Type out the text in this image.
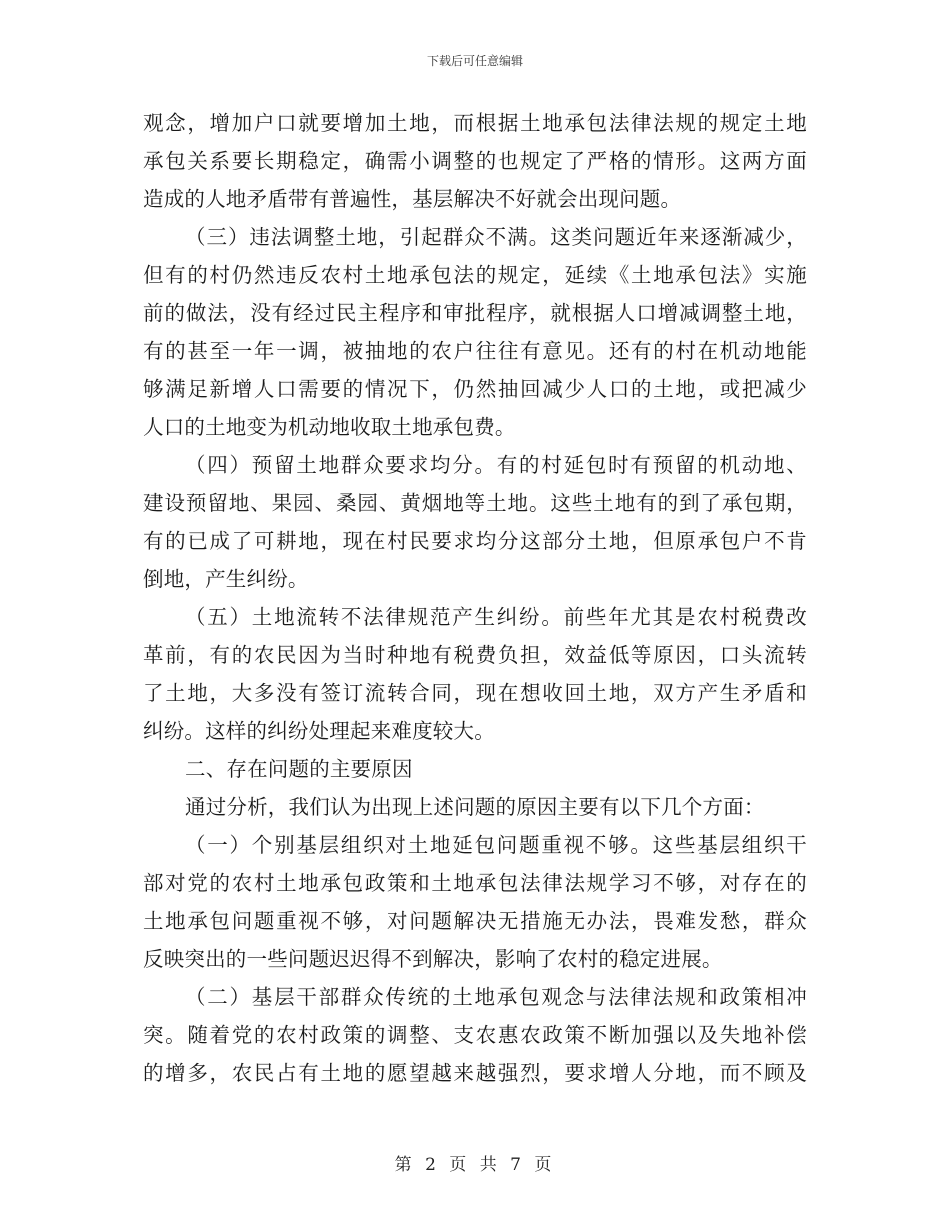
下载后可任意编辑
观念，增加户口就要增加土地，而根据土地承包法律法规的规定土地
承包关系要长期稳定，确需小调整的也规定了严格的情形。这两方面
造成的人地矛盾带有普遍性，基层解决不好就会出现问题。
（三）违法调整土地，引起群众不满。这类问题近年来逐渐减少，
但有的村仍然违反农村土地承包法的规定，延续《土地承包法》实施
前的做法，没有经过民主程序和审批程序，就根据人口增减调整土地，
有的甚至一年一调，被抽地的农户往往有意见。还有的村在机动地能
够满足新增人口需要的情况下，仍然抽回减少人口的土地，或把减少
人口的土地变为机动地收取土地承包费。
（四）预留土地群众要求均分。有的村延包时有预留的机动地、
建设预留地、果园、桑园、黄烟地等土地。这些土地有的到了承包期，
有的已成了可耕地，现在村民要求均分这部分土地，但原承包户不肯
倒地，产生纠纷。
（五）土地流转不法律规范产生纠纷。前些年尤其是农村税费改
革前，有的农民因为当时种地有税费负担，效益低等原因，口头流转
了土地，大多没有签订流转合同，现在想收回土地，双方产生矛盾和
纠纷。这样的纠纷处理起来难度较大。
二、存在问题的主要原因
通过分析，我们认为出现上述问题的原因主要有以下几个方面：
（一）个别基层组织对土地延包问题重视不够。这些基层组织干
部对党的农村土地承包政策和土地承包法律法规学习不够，对存在的
土地承包问题重视不够，对问题解决无措施无办法，畏难发愁，群众
反映突出的一些问题迟迟得不到解决，影响了农村的稳定进展。
（二）基层干部群众传统的土地承包观念与法律法规和政策相冲
突。随着党的农村政策的调整、支农惠农政策不断加强以及失地补偿
的增多，农民占有土地的愿望越来越强烈，要求增人分地，而不顾及
第 2 页 共 7 页
